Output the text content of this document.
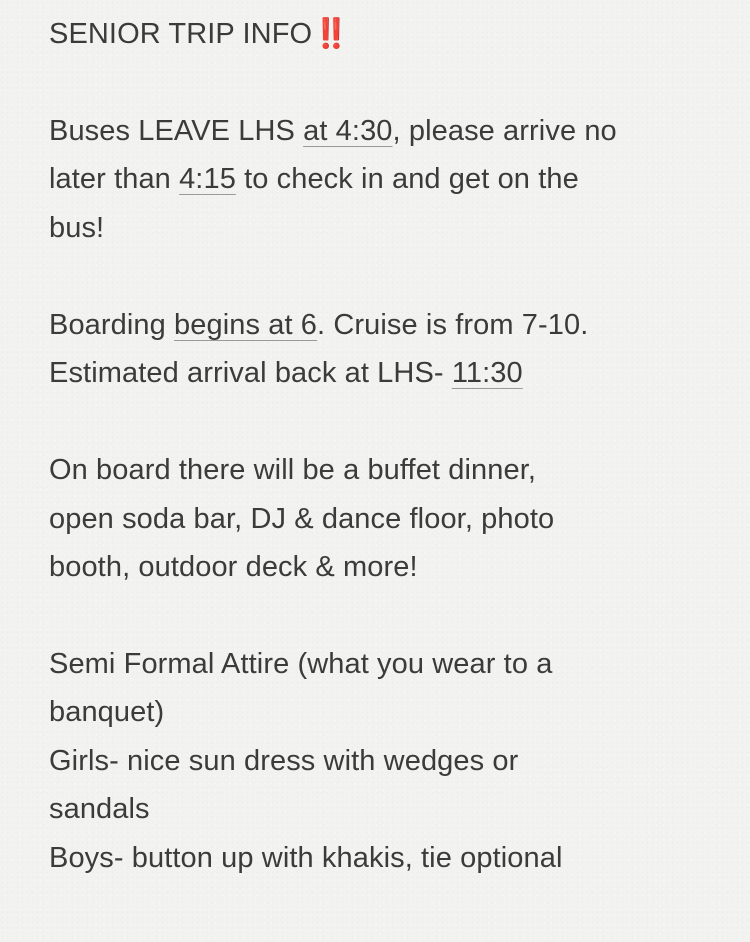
SENIOR TRIP INFO‼️
Buses LEAVE LHS at 4:30, please arrive no
later than 4:15 to check in and get on the
bus!
Boarding begins at 6. Cruise is from 7-10.
Estimated arrival back at LHS- 11:30
On board there will be a buffet dinner,
open soda bar, DJ & dance floor, photo
booth, outdoor deck & more!
Semi Formal Attire (what you wear to a
banquet)
Girls- nice sun dress with wedges or
sandals
Boys- button up with khakis, tie optional
